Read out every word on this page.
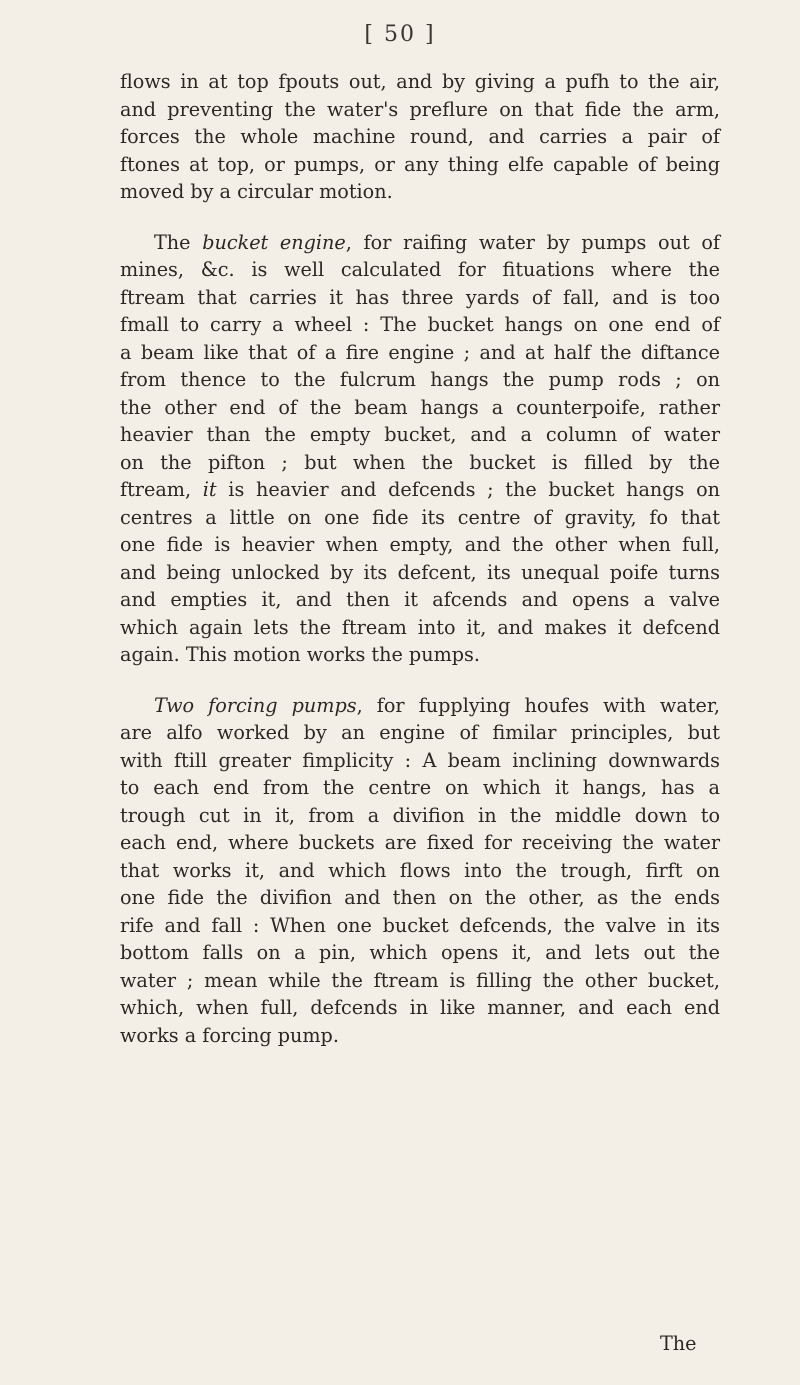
[ 50 ]
flows in at top fpouts out, and by giving a pufh to the air,
and preventing the water's preflure on that fide the arm,
forces the whole machine round, and carries a pair of
ftones at top, or pumps, or any thing elfe capable of being
moved by a circular motion.
The bucket engine, for raifing water by pumps out of
mines, &c. is well calculated for fituations where the
ftream that carries it has three yards of fall, and is too
fmall to carry a wheel : The bucket hangs on one end of
a beam like that of a fire engine ; and at half the diftance
from thence to the fulcrum hangs the pump rods ; on
the other end of the beam hangs a counterpoife, rather
heavier than the empty bucket, and a column of water
on the pifton ; but when the bucket is filled by the
ftream, it is heavier and defcends ; the bucket hangs on
centres a little on one fide its centre of gravity, fo that
one fide is heavier when empty, and the other when full,
and being unlocked by its defcent, its unequal poife turns
and empties it, and then it afcends and opens a valve
which again lets the ftream into it, and makes it defcend
again. This motion works the pumps.
Two forcing pumps, for fupplying houfes with water,
are alfo worked by an engine of fimilar principles, but
with ftill greater fimplicity : A beam inclining downwards
to each end from the centre on which it hangs, has a
trough cut in it, from a divifion in the middle down to
each end, where buckets are fixed for receiving the water
that works it, and which flows into the trough, firft on
one fide the divifion and then on the other, as the ends
rife and fall : When one bucket defcends, the valve in its
bottom falls on a pin, which opens it, and lets out the
water ; mean while the ftream is filling the other bucket,
which, when full, defcends in like manner, and each end
works a forcing pump.
The
